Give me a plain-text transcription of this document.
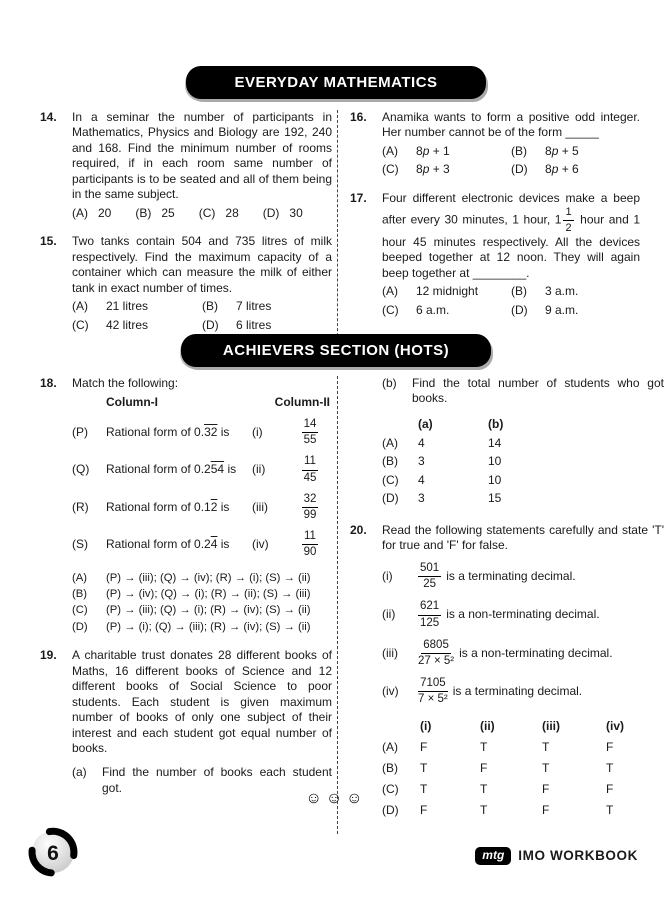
EVERYDAY MATHEMATICS
14.	In a seminar the number of participants in Mathematics, Physics and Biology are 192, 240 and 168. Find the minimum number of rooms required, if in each room same number of participants is to be seated and all of them being in the same subject.
(A) 20 (B) 25 (C) 28 (D) 30
15.	Two tanks contain 504 and 735 litres of milk respectively. Find the maximum capacity of a container which can measure the milk of either tank in exact number of times.
(A)	21 litres	(B)	7 litres
(C)	42 litres	(D)	6 litres
16.	Anamika wants to form a positive odd integer. Her number cannot be of the form _____
(A)	8p + 1	(B)	8p + 5
(C)	8p + 3	(D)	8p + 6
17.	Four different electronic devices make a beep after every 30 minutes, 1 hour, $1 \frac{1}{2}$ hour and 1 hour 45 minutes respectively. All the devices beeped together at 12 noon. They will again beep together at ________.
(A)	12 midnight	(B)	3 a.m.
(C)	6 a.m.	(D)	9 a.m.
ACHIEVERS SECTION (HOTS)
18.	Match the following:
Column-I	Column-II
(P)	Rational form of 0.32 is	(i)	$\frac{14}{55}$
(Q)	Rational form of 0.254 is	(ii)	$\frac{11}{45}$
(R)	Rational form of 0.12 is	(iii)	$\frac{32}{99}$
(S)	Rational form of 0.24 is	(iv)	$\frac{11}{90}$
(A)	(P) → (iii); (Q) → (iv); (R) → (i); (S) → (ii)
(B)	(P) → (iv); (Q) → (i); (R) → (ii); (S) → (iii)
(C)	(P) → (iii); (Q) → (i); (R) → (iv); (S) → (ii)
(D)	(P) → (i); (Q) → (iii); (R) → (iv); (S) → (ii)
19.	A charitable trust donates 28 different books of Maths, 16 different books of Science and 12 different books of Social Science to poor students. Each student is given maximum number of books of only one subject of their interest and each student got equal number of books.
(a)	Find the number of books each student got.
(b)	Find the total number of students who got books.
(a)	(b)
(A)	4	14
(B)	3	10
(C)	4	10
(D)	3	15
20.	Read the following statements carefully and state 'T' for true and 'F' for false.
(i)	$\frac{501}{25}$ is a terminating decimal.
(ii)	$\frac{621}{125}$ is a non-terminating decimal.
(iii)	$\frac{6805}{\text{27 × 5²}}$ is a non-terminating decimal.
(iv)	$\frac{7105}{\text{7 × 5²}}$ is a terminating decimal.
(i)	(ii)	(iii)	(iv)
(A)	F	T	T	F
(B)	T	F	T	T
(C)	T	T	F	F
(D)	F	T	F	T
☺☺☺
6	mtg	IMO WORKBOOK
